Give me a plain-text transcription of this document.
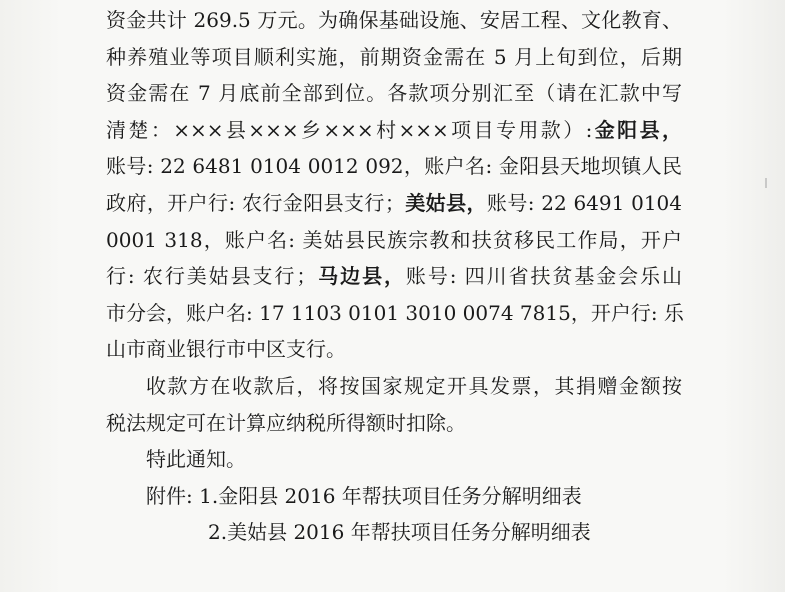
资金共计 269.5 万元。为确保基础设施、安居工程、文化教育、
种养殖业等项目顺利实施，前期资金需在 5 月上旬到位，后期
资金需在 7 月底前全部到位。各款项分别汇至（请在汇款中写
清楚：×××县×××乡×××村×××项目专用款）:金阳县，
账号: 22 6481 0104 0012 092，账户名: 金阳县天地坝镇人民
政府，开户行: 农行金阳县支行；美姑县，账号: 22 6491 0104
0001 318，账户名: 美姑县民族宗教和扶贫移民工作局，开户
行: 农行美姑县支行；马边县，账号: 四川省扶贫基金会乐山
市分会，账户名: 17 1103 0101 3010 0074 7815，开户行: 乐
山市商业银行市中区支行。
收款方在收款后，将按国家规定开具发票，其捐赠金额按
税法规定可在计算应纳税所得额时扣除。
特此通知。
附件: 1.金阳县 2016 年帮扶项目任务分解明细表
2.美姑县 2016 年帮扶项目任务分解明细表
